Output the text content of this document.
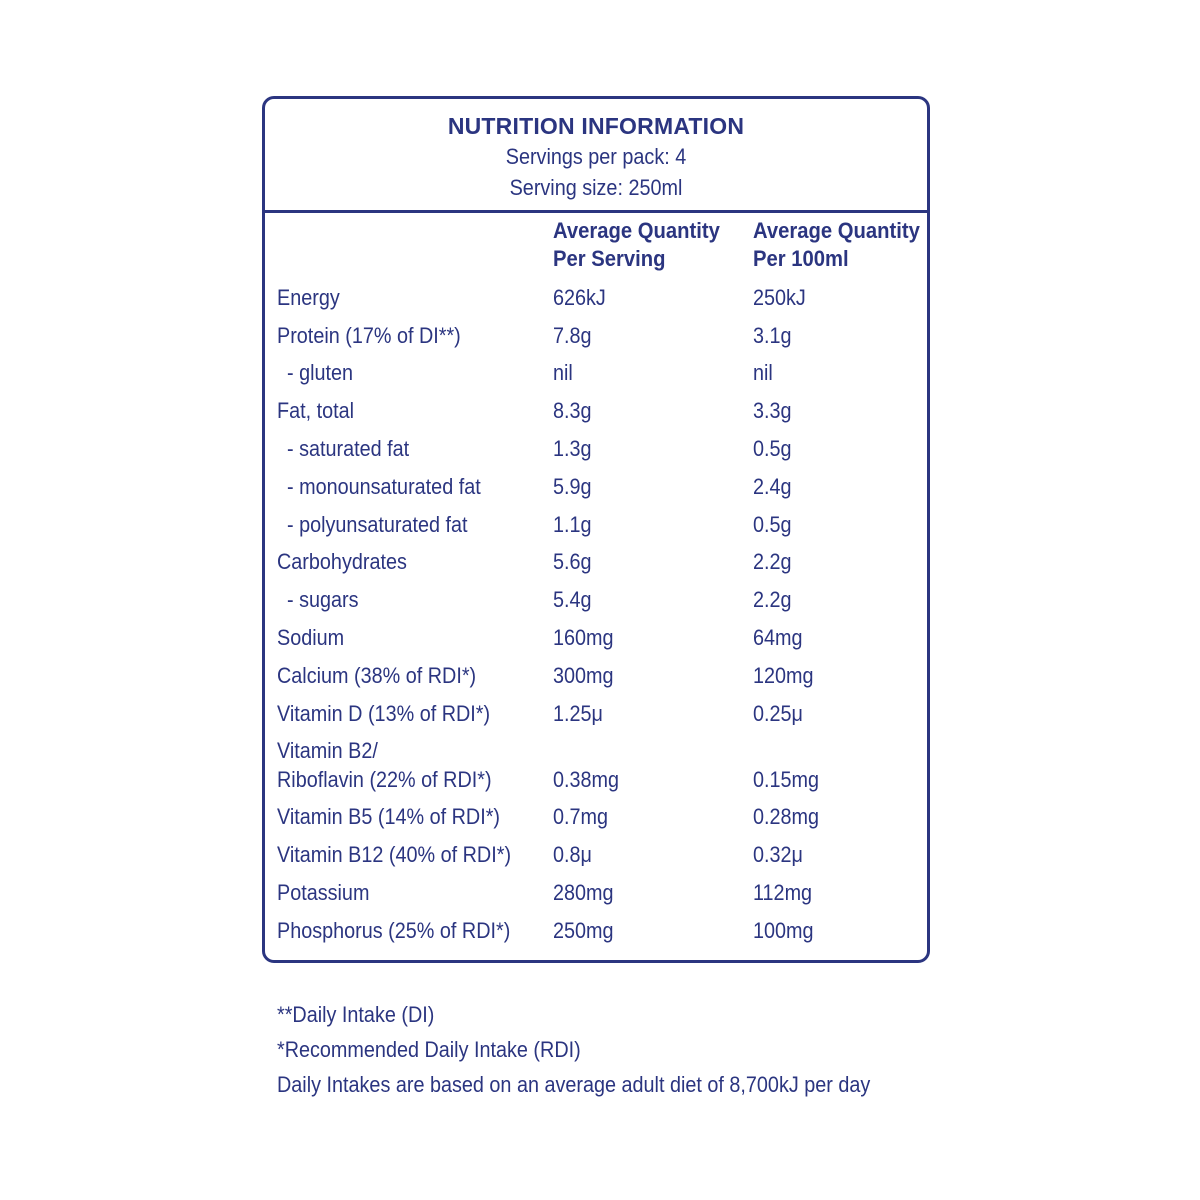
NUTRITION INFORMATION
Servings per pack: 4
Serving size: 250ml
Average Quantity
Per Serving
Average Quantity
Per 100ml
Energy	626kJ	250kJ
Protein (17% of DI**)	7.8g	3.1g
- gluten	nil	nil
Fat, total	8.3g	3.3g
- saturated fat	1.3g	0.5g
- monounsaturated fat	5.9g	2.4g
- polyunsaturated fat	1.1g	0.5g
Carbohydrates	5.6g	2.2g
- sugars	5.4g	2.2g
Sodium	160mg	64mg
Calcium (38% of RDI*)	300mg	120mg
Vitamin D (13% of RDI*)	1.25μ	0.25μ
Vitamin B2/
Riboflavin (22% of RDI*)	0.38mg	0.15mg
Vitamin B5 (14% of RDI*) 0.7mg	0.28mg
Vitamin B12 (40% of RDI*) 0.8μ	0.32μ
Potassium	280mg	112mg
Phosphorus (25% of RDI*) 250mg	100mg
**Daily Intake (DI)
*Recommended Daily Intake (RDI)
Daily Intakes are based on an average adult diet of 8,700kJ per day
